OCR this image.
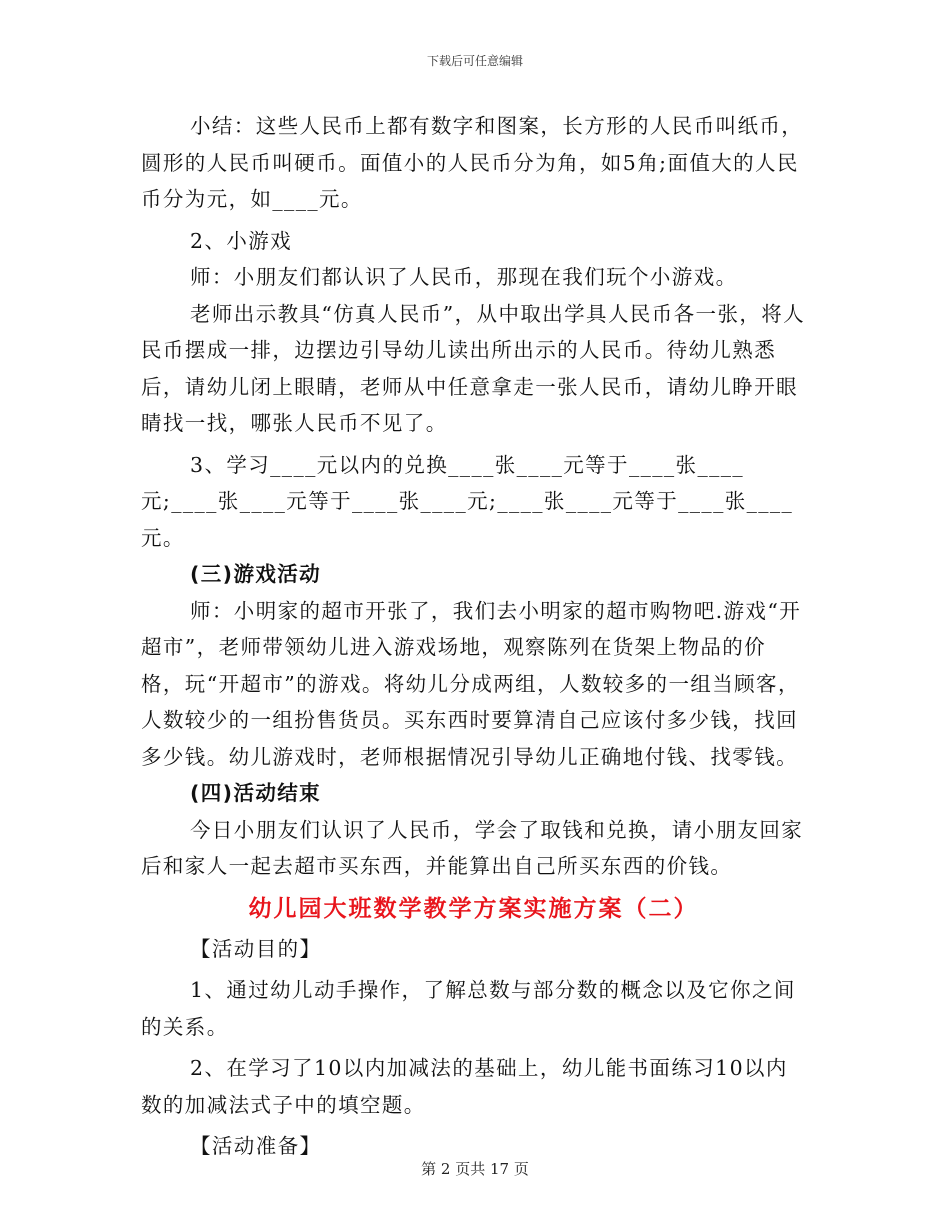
下载后可任意编辑

小结：这些人民币上都有数字和图案，长方形的人民币叫纸币，圆形的人民币叫硬币。面值小的人民币分为角，如5角;面值大的人民币分为元，如____元。

2、小游戏

师：小朋友们都认识了人民币，那现在我们玩个小游戏。

老师出示教具“仿真人民币”，从中取出学具人民币各一张，将人民币摆成一排，边摆边引导幼儿读出所出示的人民币。待幼儿熟悉后，请幼儿闭上眼睛，老师从中任意拿走一张人民币，请幼儿睁开眼睛找一找，哪张人民币不见了。

3、学习____元以内的兑换____张____元等于____张____元;____张____元等于____张____元;____张____元等于____张____元。

(三)游戏活动

师：小明家的超市开张了，我们去小明家的超市购物吧.游戏“开超市”，老师带领幼儿进入游戏场地，观察陈列在货架上物品的价格，玩“开超市”的游戏。将幼儿分成两组，人数较多的一组当顾客，人数较少的一组扮售货员。买东西时要算清自己应该付多少钱，找回多少钱。幼儿游戏时，老师根据情况引导幼儿正确地付钱、找零钱。

(四)活动结束

今日小朋友们认识了人民币，学会了取钱和兑换，请小朋友回家后和家人一起去超市买东西，并能算出自己所买东西的价钱。

幼儿园大班数学教学方案实施方案（二）

【活动目的】

1、通过幼儿动手操作，了解总数与部分数的概念以及它你之间的关系。

2、在学习了10以内加减法的基础上，幼儿能书面练习10以内数的加减法式子中的填空题。

【活动准备】

第 2 页共 17 页
